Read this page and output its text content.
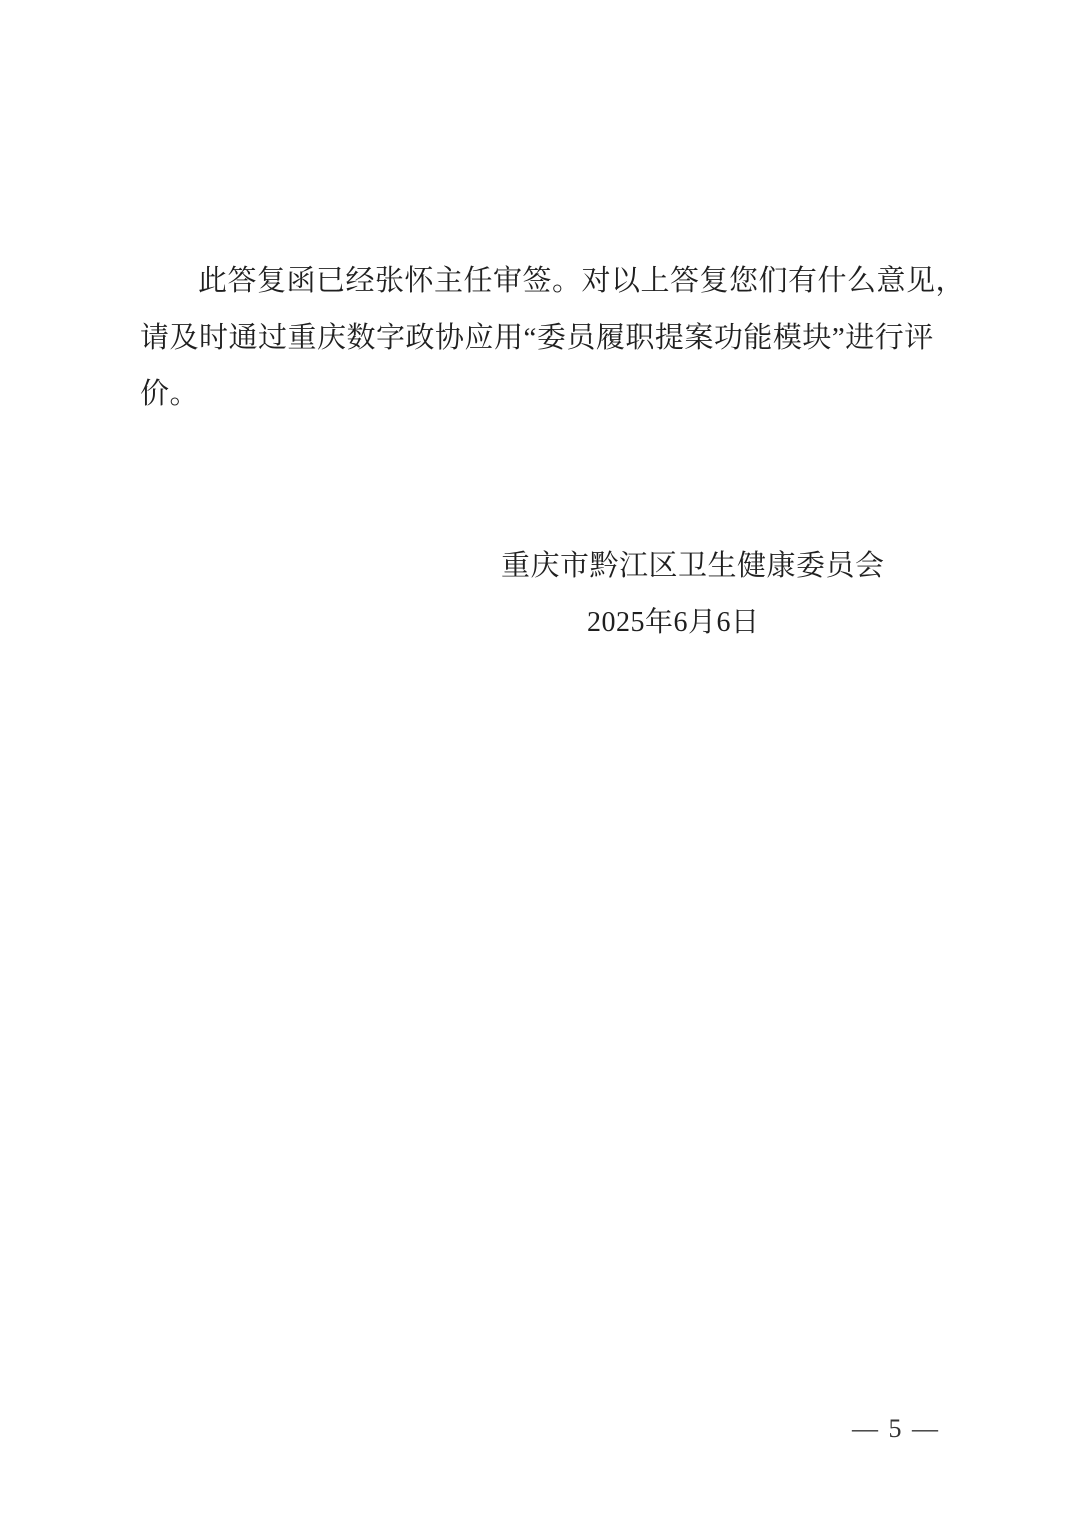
此答复函已经张怀主任审签。对以上答复您们有什么意见，
请及时通过重庆数字政协应用“委员履职提案功能模块”进行评
价。
重庆市黔江区卫生健康委员会
2025年6月6日
— 5 —
